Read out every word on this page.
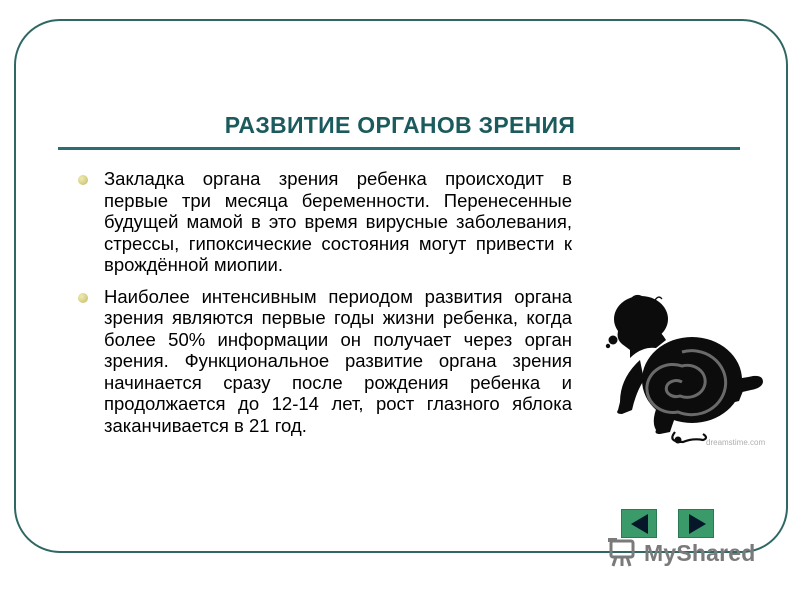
РАЗВИТИЕ ОРГАНОВ ЗРЕНИЯ
Закладка органа зрения ребенка происходит в первые три месяца беременности. Перенесенные будущей мамой в это время вирусные заболевания, стрессы, гипоксические состояния могут привести к врождённой миопии.
Наиболее интенсивным периодом развития органа зрения являются первые годы жизни ребенка, когда более 50% информации он получает через орган зрения. Функциональное развитие органа зрения начинается сразу после рождения ребенка и продолжается до 12-14 лет, рост глазного яблока заканчивается в 21 год.
dreamstime.com
MyShared
